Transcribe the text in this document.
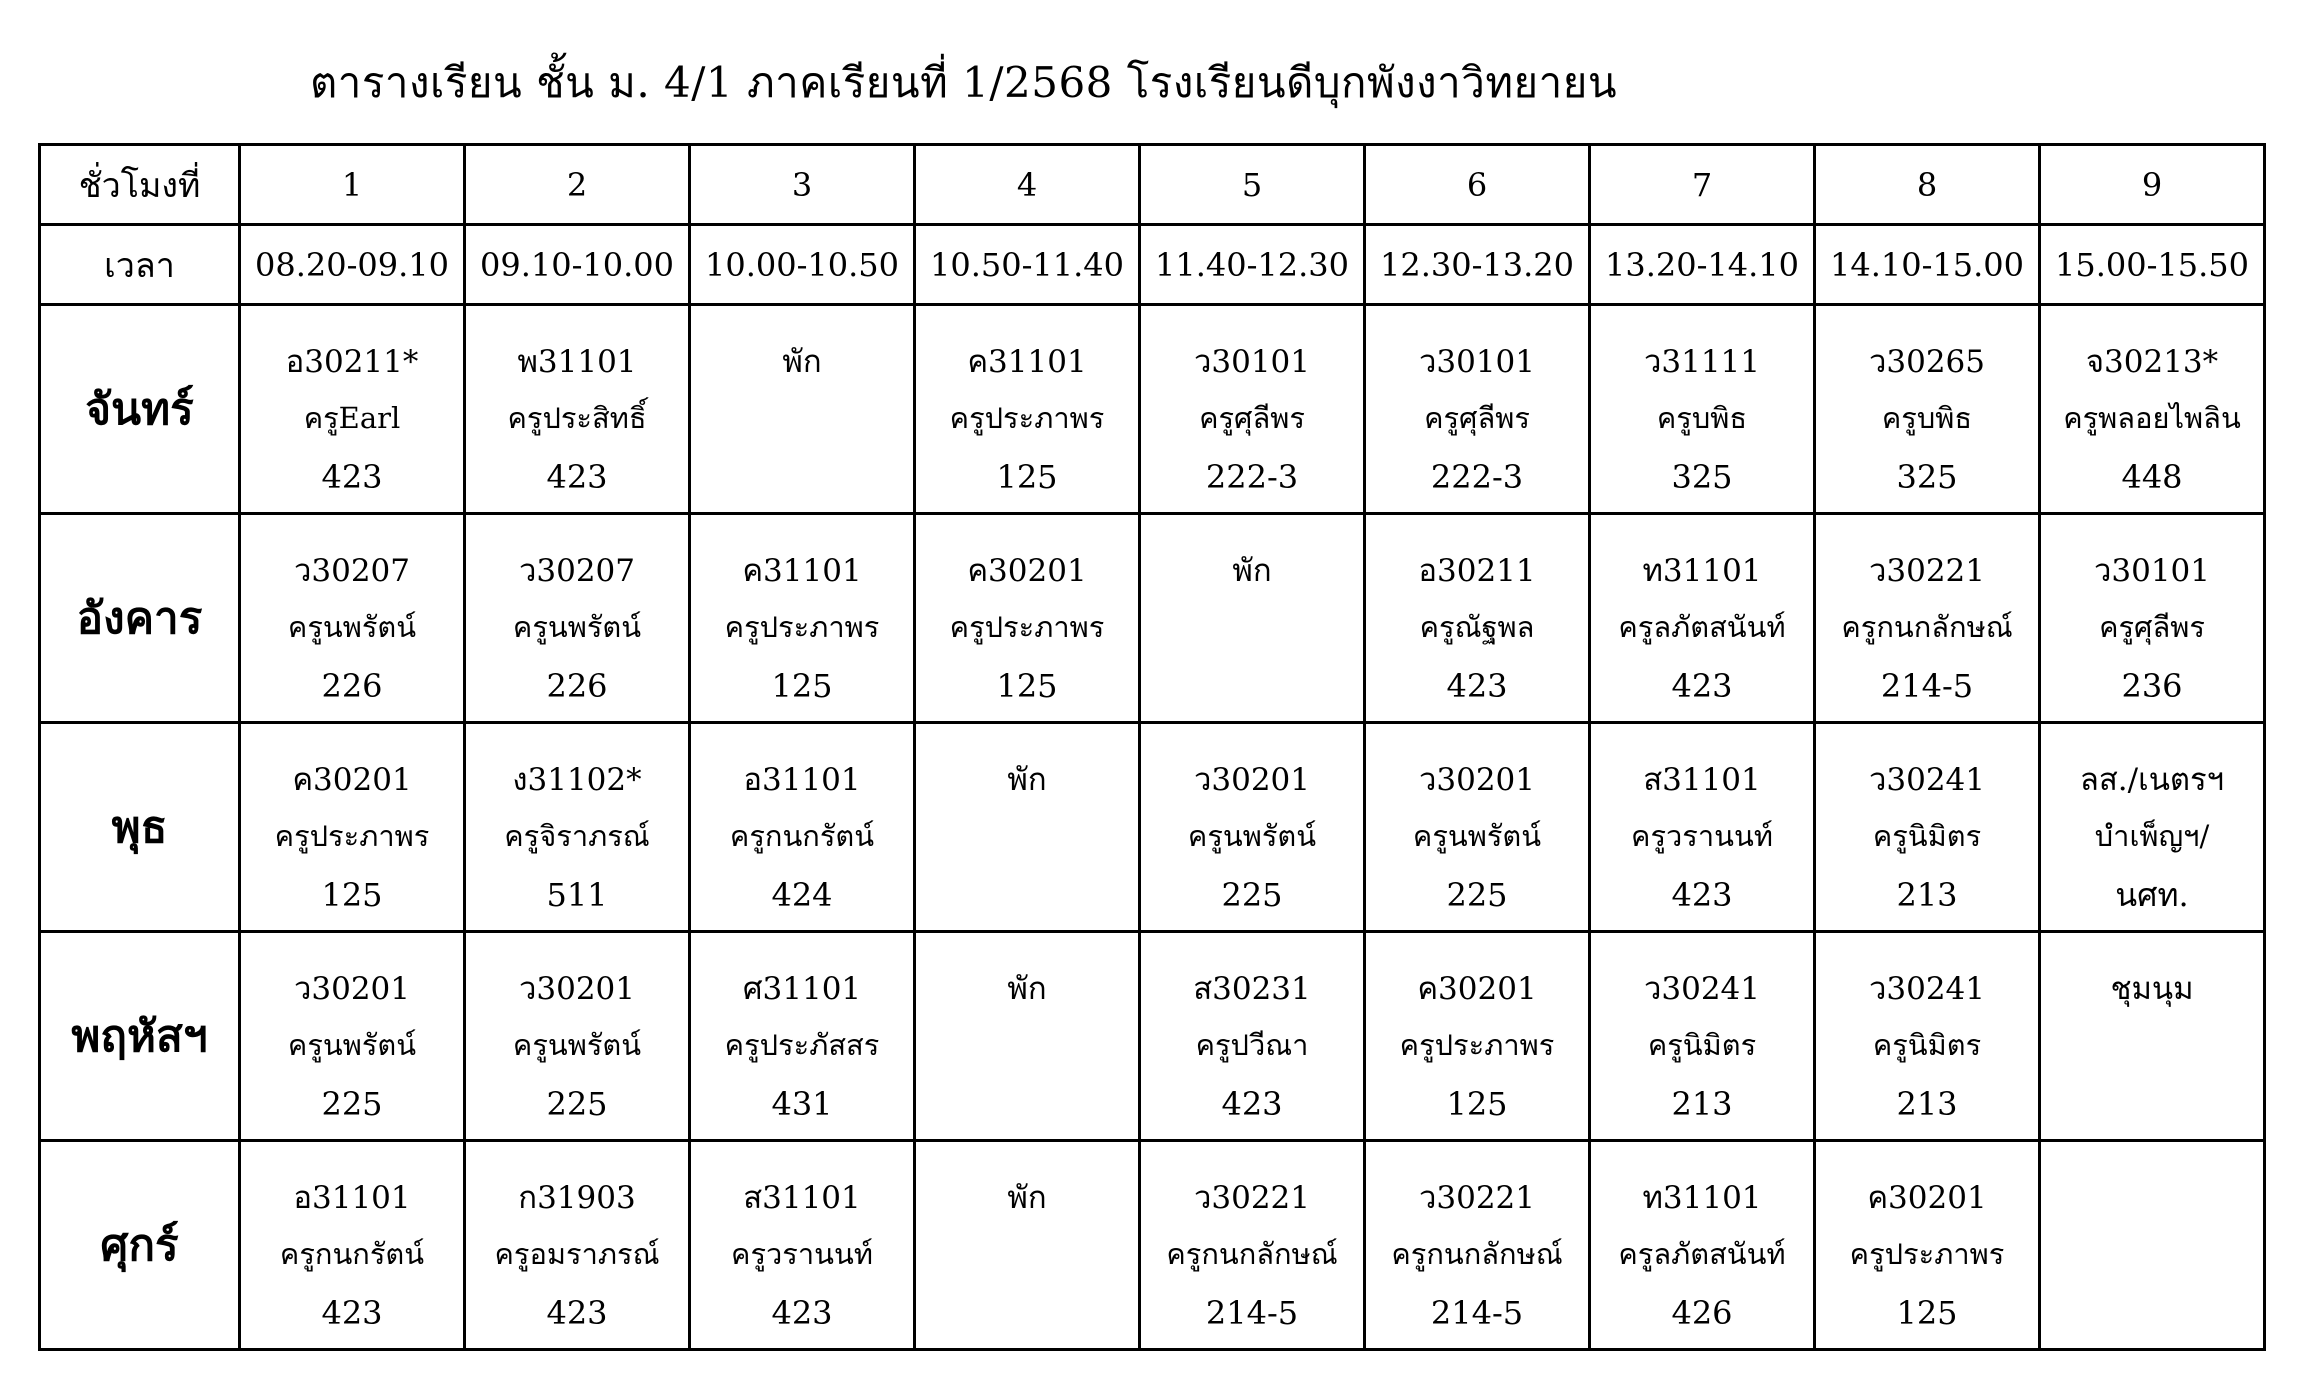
ตารางเรียน ชั้น ม. 4/1 ภาคเรียนที่ 1/2568 โรงเรียนดีบุกพังงาวิทยายน
ชั่วโมงที่	1	2	3	4	5	6	7	8	9
เวลา	08.20-09.10	09.10-10.00	10.00-10.50	10.50-11.40	11.40-12.30	12.30-13.20	13.20-14.10	14.10-15.00	15.00-15.50
จันทร์	อ30211*
ครูEarl
423	พ31101
ครูประสิทธิ์
423	พัก	ค31101
ครูประภาพร
125	ว30101
ครูศุลีพร
222-3	ว30101
ครูศุลีพร
222-3	ว31111
ครูบพิธ
325	ว30265
ครูบพิธ
325	จ30213*
ครูพลอยไพลิน
448

อังคาร	ว30207
ครูนพรัตน์
226	ว30207
ครูนพรัตน์
226	ค31101
ครูประภาพร
125	ค30201
ครูประภาพร
125	พัก	อ30211
ครูณัฐพล
423	ท31101
ครูลภัตสนันท์
423	ว30221
ครูกนกลักษณ์
214-5	ว30101
ครูศุลีพร
236

พุธ	ค30201
ครูประภาพร
125	ง31102*
ครูจิราภรณ์
511	อ31101
ครูกนกรัตน์
424	พัก	ว30201
ครูนพรัตน์
225	ว30201
ครูนพรัตน์
225	ส31101
ครูวรานนท์
423	ว30241
ครูนิมิตร
213	ลส./เนตรฯ
บำเพ็ญฯ/
นศท.

พฤหัสฯ	ว30201
ครูนพรัตน์
225	ว30201
ครูนพรัตน์
225	ศ31101
ครูประภัสสร
431	พัก	ส30231
ครูปวีณา
423	ค30201
ครูประภาพร
125	ว30241
ครูนิมิตร
213	ว30241
ครูนิมิตร
213	ชุมนุม

ศุกร์	อ31101
ครูกนกรัตน์
423	ก31903
ครูอมราภรณ์
423	ส31101
ครูวรานนท์
423	พัก	ว30221
ครูกนกลักษณ์
214-5	ว30221
ครูกนกลักษณ์
214-5	ท31101
ครูลภัตสนันท์
426	ค30201
ครูประภาพร
125	
